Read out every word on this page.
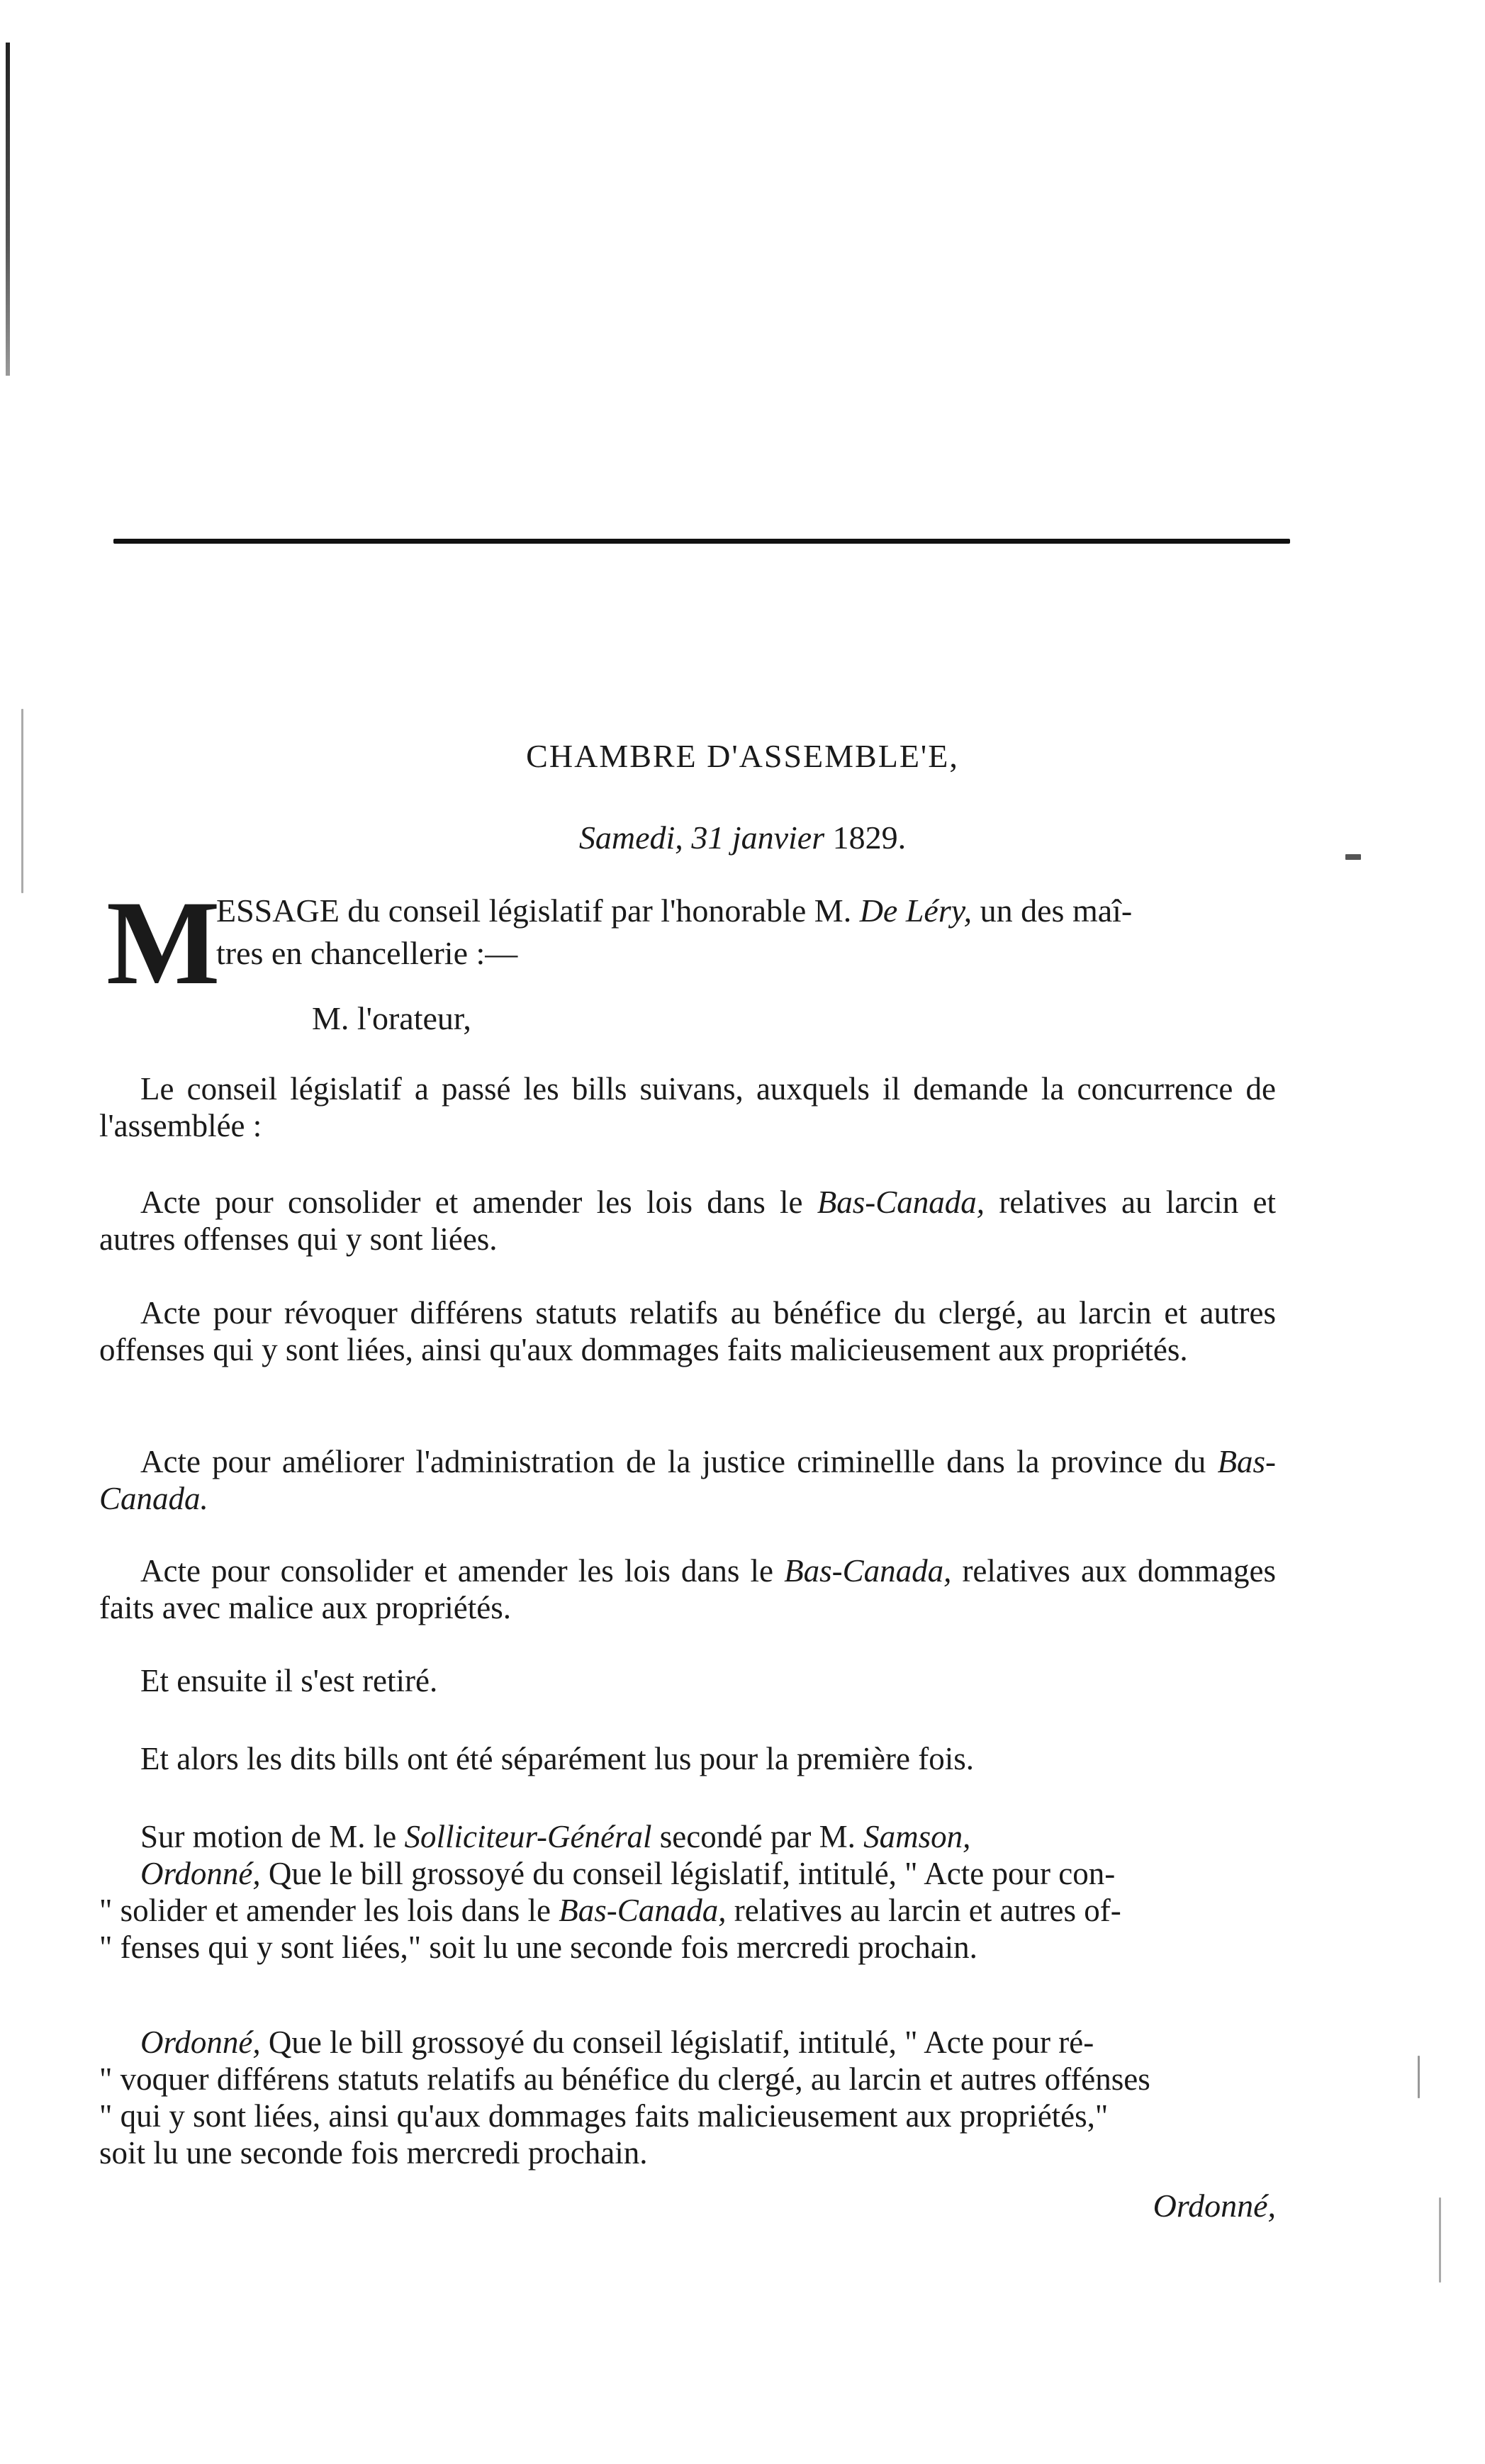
CHAMBRE D'ASSEMBLE'E,
Samedi, 31 janvier 1829.
M
ESSAGE du conseil législatif par l'honorable M. De Léry, un des maî-
tres en chancellerie :—
M. l'orateur,
Le conseil législatif a passé les bills suivans, auxquels il demande la concurrence de l'assemblée :
Acte pour consolider et amender les lois dans le Bas-Canada, relatives au larcin et autres offenses qui y sont liées.
Acte pour révoquer différens statuts relatifs au bénéfice du clergé, au larcin et autres offenses qui y sont liées, ainsi qu'aux dommages faits malicieusement aux propriétés.
Acte pour améliorer l'administration de la justice criminellle dans la province du Bas-Canada.
Acte pour consolider et amender les lois dans le Bas-Canada, relatives aux dommages faits avec malice aux propriétés.
Et ensuite il s'est retiré.
Et alors les dits bills ont été séparément lus pour la première fois.
Sur motion de M. le Solliciteur-Général secondé par M. Samson,
Ordonné, Que le bill grossoyé du conseil législatif, intitulé, " Acte pour con-
" solider et amender les lois dans le Bas-Canada, relatives au larcin et autres of-
" fenses qui y sont liées," soit lu une seconde fois mercredi prochain.
Ordonné, Que le bill grossoyé du conseil législatif, intitulé, " Acte pour ré-
" voquer différens statuts relatifs au bénéfice du clergé, au larcin et autres offénses
" qui y sont liées, ainsi qu'aux dommages faits malicieusement aux propriétés,"
soit lu une seconde fois mercredi prochain.
Ordonné,
